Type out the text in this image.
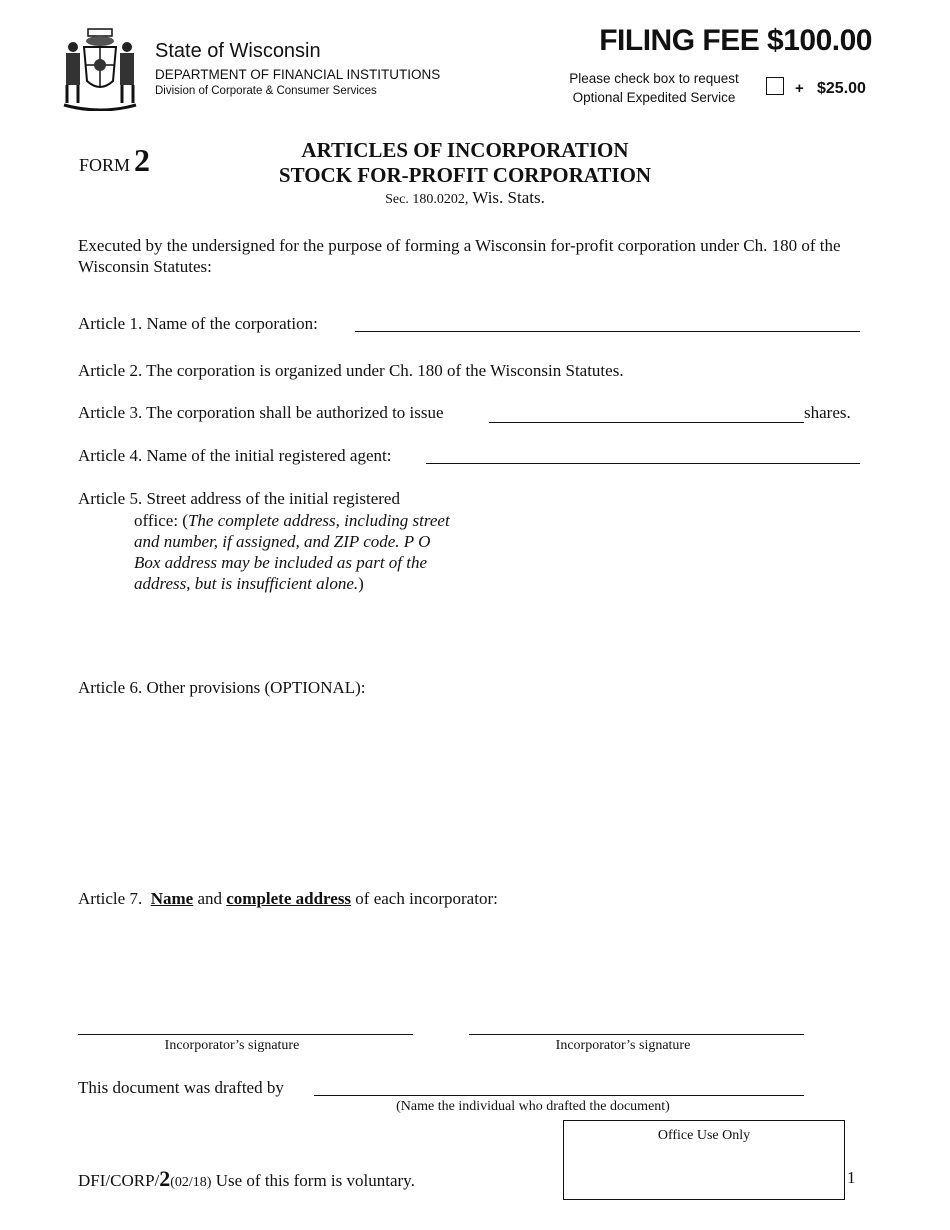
State of Wisconsin
DEPARTMENT OF FINANCIAL INSTITUTIONS
Division of Corporate & Consumer Services
FILING FEE $100.00
Please check box to request
Optional Expedited Service
+ $25.00
FORM 2	ARTICLES OF INCORPORATION
STOCK FOR-PROFIT CORPORATION
Sec. 180.0202, Wis. Stats.
Executed by the undersigned for the purpose of forming a Wisconsin for-profit corporation under Ch. 180 of the Wisconsin Statutes:
Article 1. Name of the corporation:
Article 2. The corporation is organized under Ch. 180 of the Wisconsin Statutes.
Article 3. The corporation shall be authorized to issue	shares.
Article 4. Name of the initial registered agent:
Article 5. Street address of the initial registered
office: (The complete address, including street and number, if assigned, and ZIP code. P O Box address may be included as part of the address, but is insufficient alone.)
Article 6. Other provisions (OPTIONAL):
Article 7. Name and complete address of each incorporator:
Incorporator’s signature	Incorporator’s signature
This document was drafted by
(Name the individual who drafted the document)
Office Use Only
DFI/CORP/2(02/18) Use of this form is voluntary.	1
